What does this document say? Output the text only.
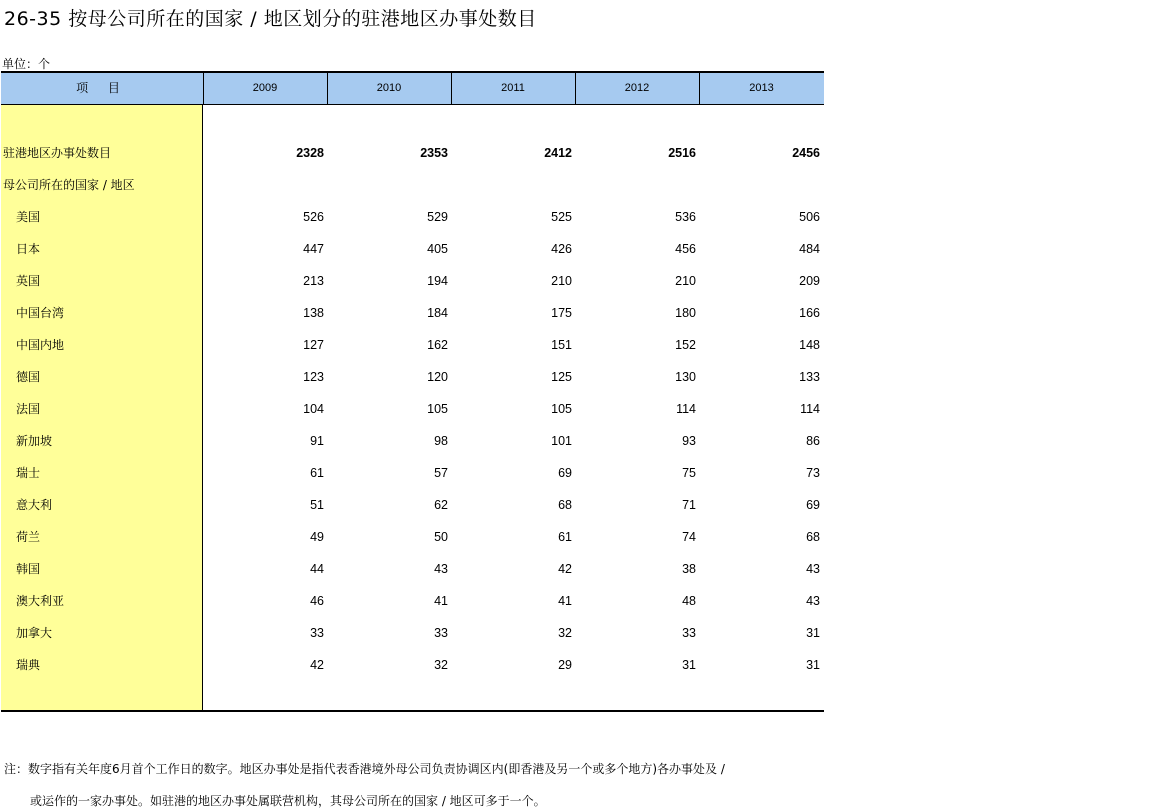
26-35 按母公司所在的国家 / 地区划分的驻港地区办事处数目
单位：个
项 目	2009	2010	2011	2012	2013
驻港地区办事处数目	2328	2353	2412	2516	2456
母公司所在的国家 / 地区
美国	526	529	525	536	506
日本	447	405	426	456	484
英国	213	194	210	210	209
中国台湾	138	184	175	180	166
中国内地	127	162	151	152	148
德国	123	120	125	130	133
法国	104	105	105	114	114
新加坡	91	98	101	93	86
瑞士	61	57	69	75	73
意大利	51	62	68	71	69
荷兰	49	50	61	74	68
韩国	44	43	42	38	43
澳大利亚	46	41	41	48	43
加拿大	33	33	32	33	31
瑞典	42	32	29	31	31
注：数字指有关年度6月首个工作日的数字。地区办事处是指代表香港境外母公司负责协调区内(即香港及另一个或多个地方)各办事处及 /
或运作的一家办事处。如驻港的地区办事处属联营机构，其母公司所在的国家 / 地区可多于一个。
